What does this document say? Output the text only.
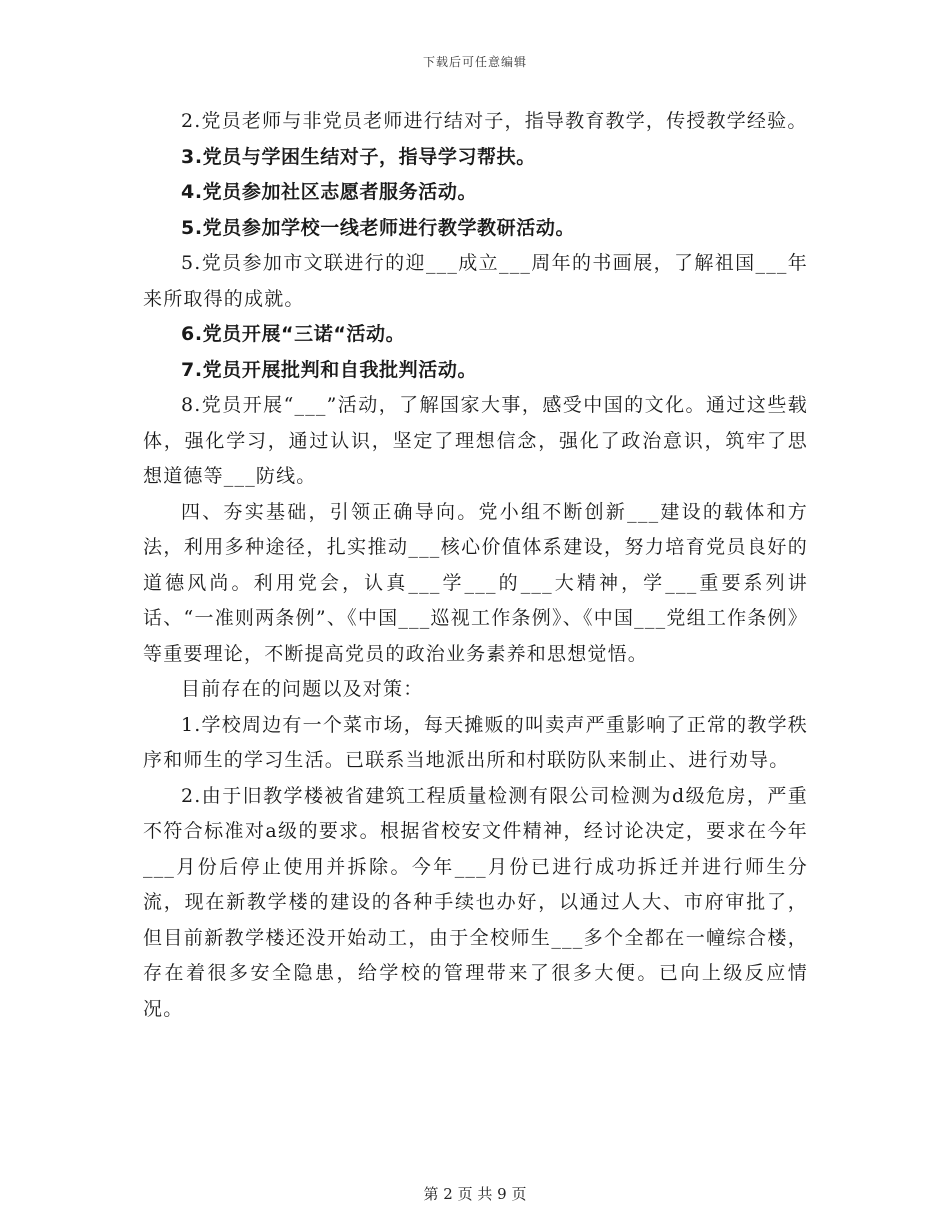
下载后可任意编辑

2.党员老师与非党员老师进行结对子，指导教育教学，传授教学经验。

3.党员与学困生结对子，指导学习帮扶。

4.党员参加社区志愿者服务活动。

5.党员参加学校一线老师进行教学教研活动。

5.党员参加市文联进行的迎___成立___周年的书画展，了解祖国___年来所取得的成就。

6.党员开展“三诺“活动。

7.党员开展批判和自我批判活动。

8.党员开展“___”活动，了解国家大事，感受中国的文化。通过这些载体，强化学习，通过认识，坚定了理想信念，强化了政治意识，筑牢了思想道德等___防线。

四、夯实基础，引领正确导向。党小组不断创新___建设的载体和方法，利用多种途径，扎实推动___核心价值体系建设，努力培育党员良好的道德风尚。利用党会，认真___学___的___大精神，学___重要系列讲话、“一准则两条例”、《中国___巡视工作条例》、《中国___党组工作条例》等重要理论，不断提高党员的政治业务素养和思想觉悟。

目前存在的问题以及对策：

1.学校周边有一个菜市场，每天摊贩的叫卖声严重影响了正常的教学秩序和师生的学习生活。已联系当地派出所和村联防队来制止、进行劝导。

2.由于旧教学楼被省建筑工程质量检测有限公司检测为d级危房，严重不符合标准对a级的要求。根据省校安文件精神，经讨论决定，要求在今年___月份后停止使用并拆除。今年___月份已进行成功拆迁并进行师生分流，现在新教学楼的建设的各种手续也办好，以通过人大、市府审批了，但目前新教学楼还没开始动工，由于全校师生___多个全都在一幢综合楼，存在着很多安全隐患，给学校的管理带来了很多大便。已向上级反应情况。

第 2 页 共 9 页
